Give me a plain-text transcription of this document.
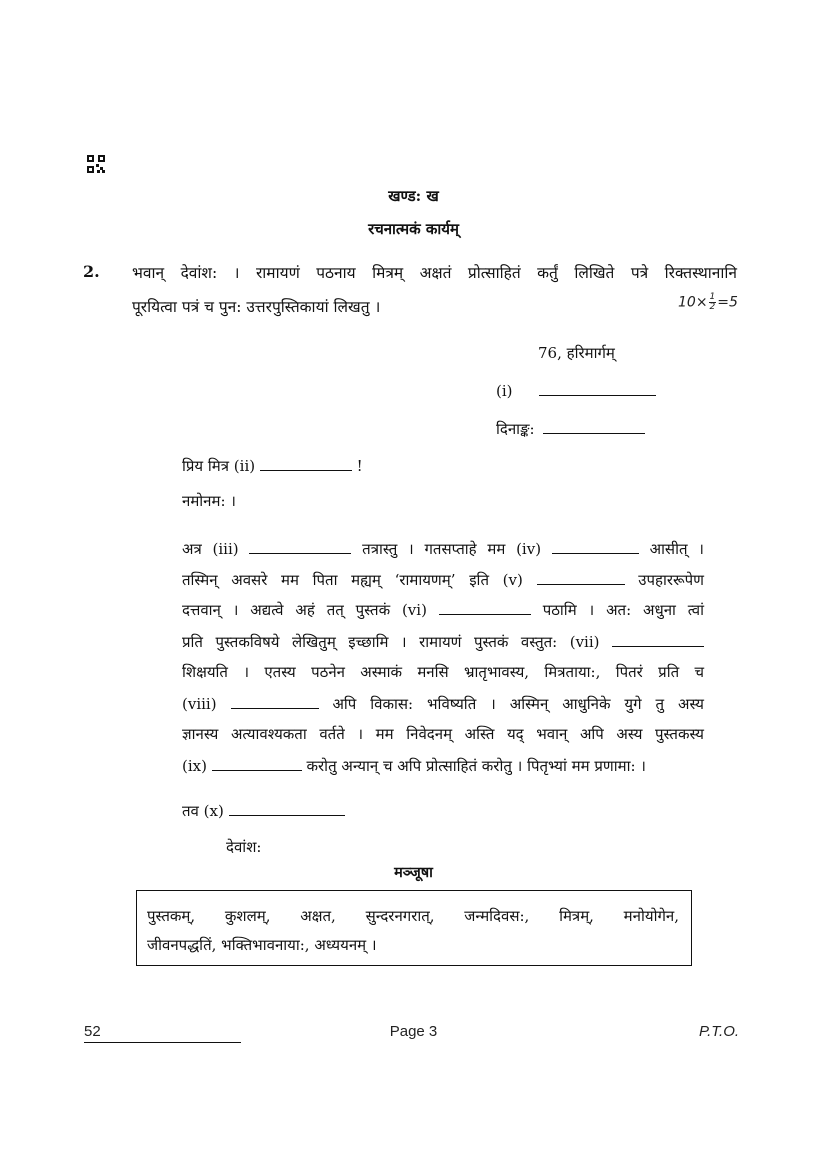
खण्ड: ख
रचनात्मकं कार्यम्
2. भवान् देवांश: । रामायणं पठनाय मित्रम् अक्षतं प्रोत्साहितं कर्तुं लिखिते पत्रे रिक्तस्थानानि
पूरयित्वा पत्रं च पुन: उत्तरपुस्तिकायां लिखतु ।	$10\times \frac{1}{2} =5$
76, हरिमार्गम्
(i)
दिनाङ्क:
प्रिय मित्र (ii)	!
नमोनम: ।
अत्र (iii)	तत्रास्तु । गतसप्ताहे मम (iv)	आसीत् ।
तस्मिन् अवसरे मम पिता मह्यम् ‘रामायणम्’ इति (v)	उपहाररूपेण
दत्तवान् । अद्यत्वे अहं तत् पुस्तकं (vi)	पठामि । अत: अधुना त्वां
प्रति पुस्तकविषये लेखितुम् इच्छामि । रामायणं पुस्तकं वस्तुत: (vii)
शिक्षयति । एतस्य पठनेन अस्माकं मनसि भ्रातृभावस्य, मित्रताया:, पितरं प्रति च
(viii)	अपि विकास: भविष्यति । अस्मिन् आधुनिके युगे तु अस्य
ज्ञानस्य अत्यावश्यकता वर्तते । मम निवेदनम् अस्ति यद् भवान् अपि अस्य पुस्तकस्य
(ix)	करोतु अन्यान् च अपि प्रोत्साहितं करोतु । पितृभ्यां मम प्रणामा: ।
तव (x)
देवांश:
मञ्जूषा
पुस्तकम्, कुशलम्, अक्षत, सुन्दरनगरात्, जन्मदिवस:, मित्रम्, मनोयोगेन,
जीवनपद्धतिं, भक्तिभावनाया:, अध्ययनम् ।
52	Page 3	P.T.O.
